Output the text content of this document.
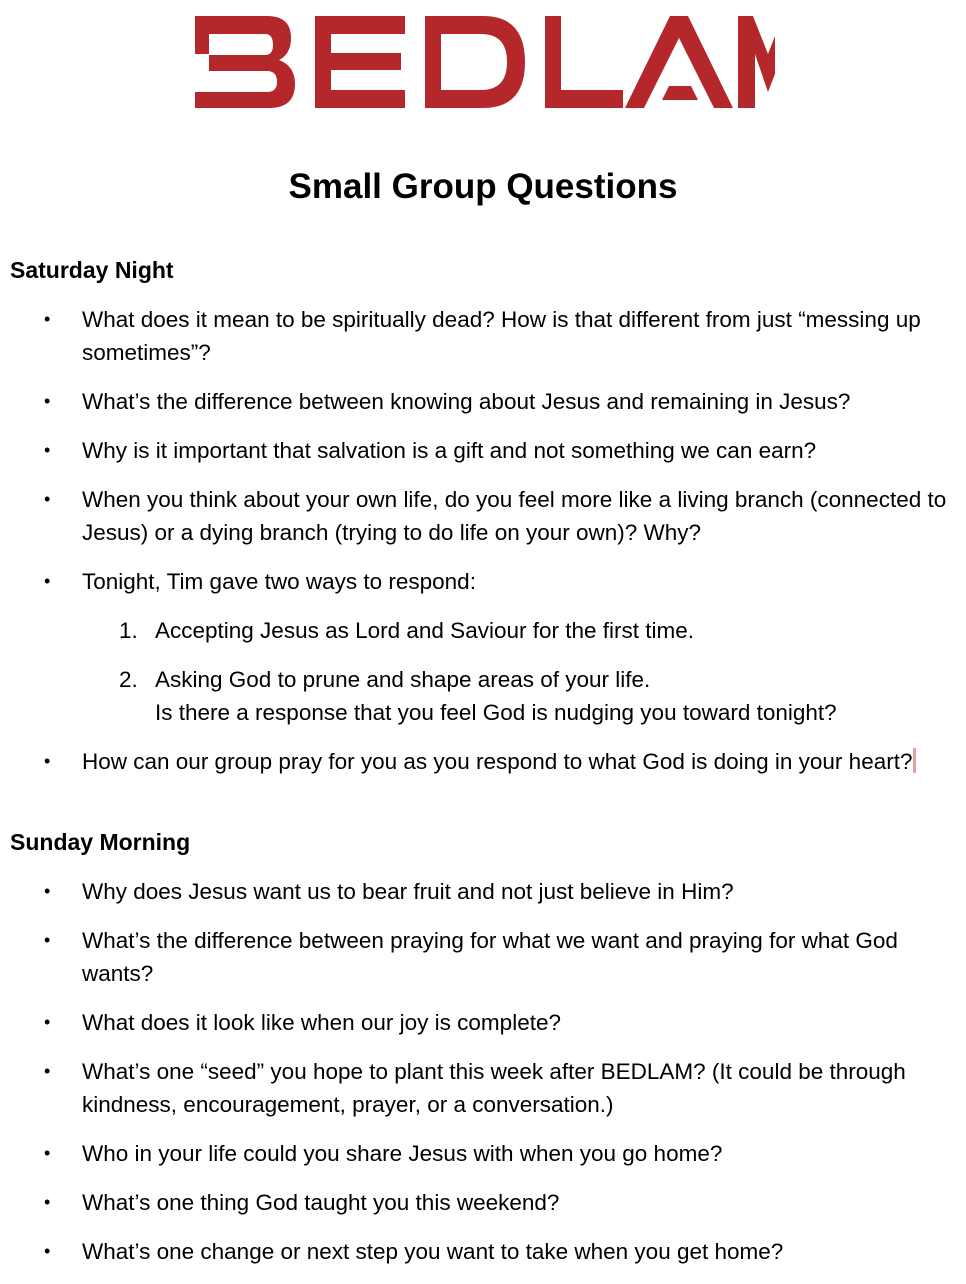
Small Group Questions
Saturday Night
• What does it mean to be spiritually dead? How is that different from just “messing up sometimes”?
• What’s the difference between knowing about Jesus and remaining in Jesus?
• Why is it important that salvation is a gift and not something we can earn?
• When you think about your own life, do you feel more like a living branch (connected to Jesus) or a dying branch (trying to do life on your own)? Why?
• Tonight, Tim gave two ways to respond:
1. Accepting Jesus as Lord and Saviour for the first time.
2. Asking God to prune and shape areas of your life.
Is there a response that you feel God is nudging you toward tonight?
• How can our group pray for you as you respond to what God is doing in your heart?
Sunday Morning
• Why does Jesus want us to bear fruit and not just believe in Him?
• What’s the difference between praying for what we want and praying for what God wants?
• What does it look like when our joy is complete?
• What’s one “seed” you hope to plant this week after BEDLAM? (It could be through kindness, encouragement, prayer, or a conversation.)
• Who in your life could you share Jesus with when you go home?
• What’s one thing God taught you this weekend?
• What’s one change or next step you want to take when you get home?
